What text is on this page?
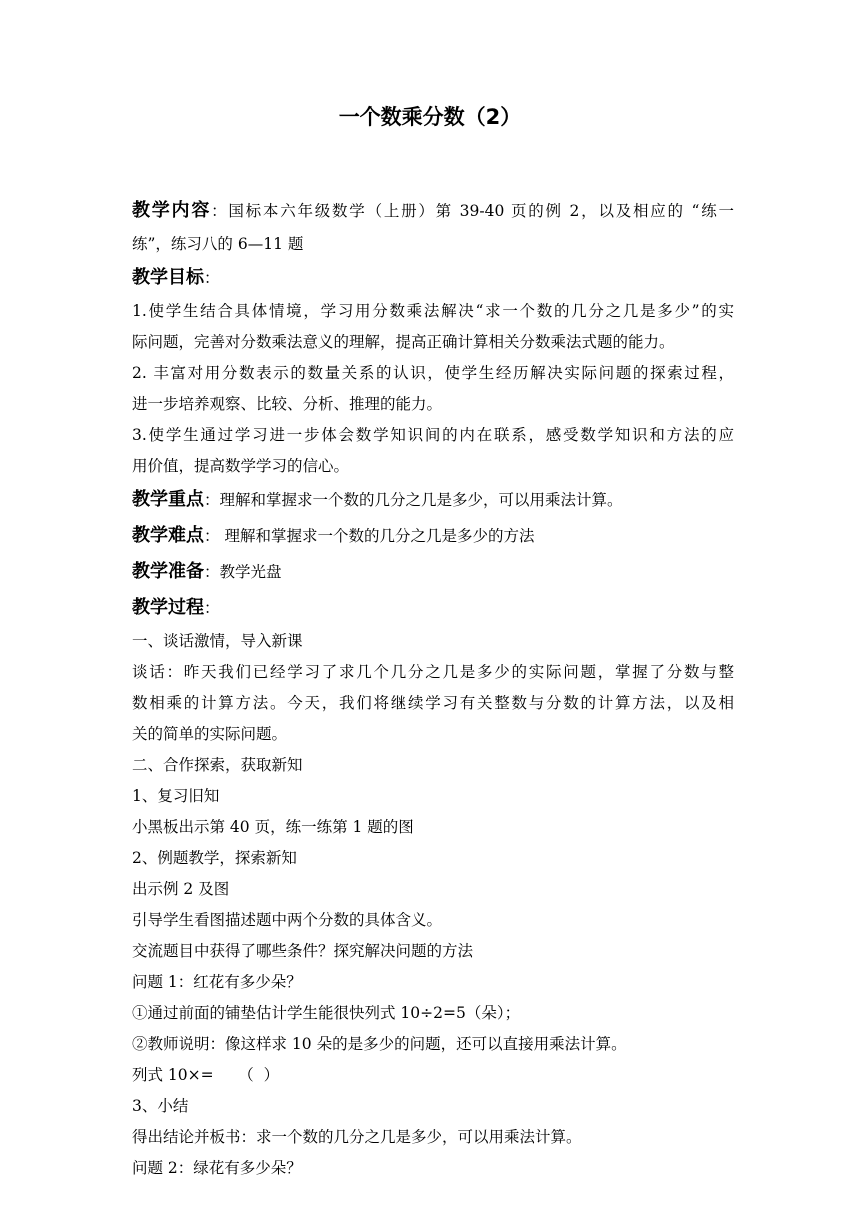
一个数乘分数（2）
教学内容：国标本六年级数学（上册）第 39-40 页的例 2，以及相应的 “练一
练”，练习八的 6—11 题
教学目标：
1.使学生结合具体情境，学习用分数乘法解决“求一个数的几分之几是多少”的实
际问题，完善对分数乘法意义的理解，提高正确计算相关分数乘法式题的能力。
2. 丰富对用分数表示的数量关系的认识，使学生经历解决实际问题的探索过程，
进一步培养观察、比较、分析、推理的能力。
3.使学生通过学习进一步体会数学知识间的内在联系，感受数学知识和方法的应
用价值，提高数学学习的信心。
教学重点：理解和掌握求一个数的几分之几是多少，可以用乘法计算。
教学难点： 理解和掌握求一个数的几分之几是多少的方法
教学准备：教学光盘
教学过程：
一、谈话激情，导入新课
谈话：昨天我们已经学习了求几个几分之几是多少的实际问题，掌握了分数与整
数相乘的计算方法。今天，我们将继续学习有关整数与分数的计算方法，以及相
关的简单的实际问题。
二、合作探索，获取新知
1、复习旧知
小黑板出示第 40 页，练一练第 1 题的图
2、例题教学，探索新知
出示例 2 及图
引导学生看图描述题中两个分数的具体含义。
交流题目中获得了哪些条件？探究解决问题的方法
问题 1：红花有多少朵？
①通过前面的铺垫估计学生能很快列式 10÷2=5（朵）；
②教师说明：像这样求 10 朵的是多少的问题，还可以直接用乘法计算。
列式 10×=     （  ）
3、小结
得出结论并板书：求一个数的几分之几是多少，可以用乘法计算。
问题 2：绿花有多少朵？
